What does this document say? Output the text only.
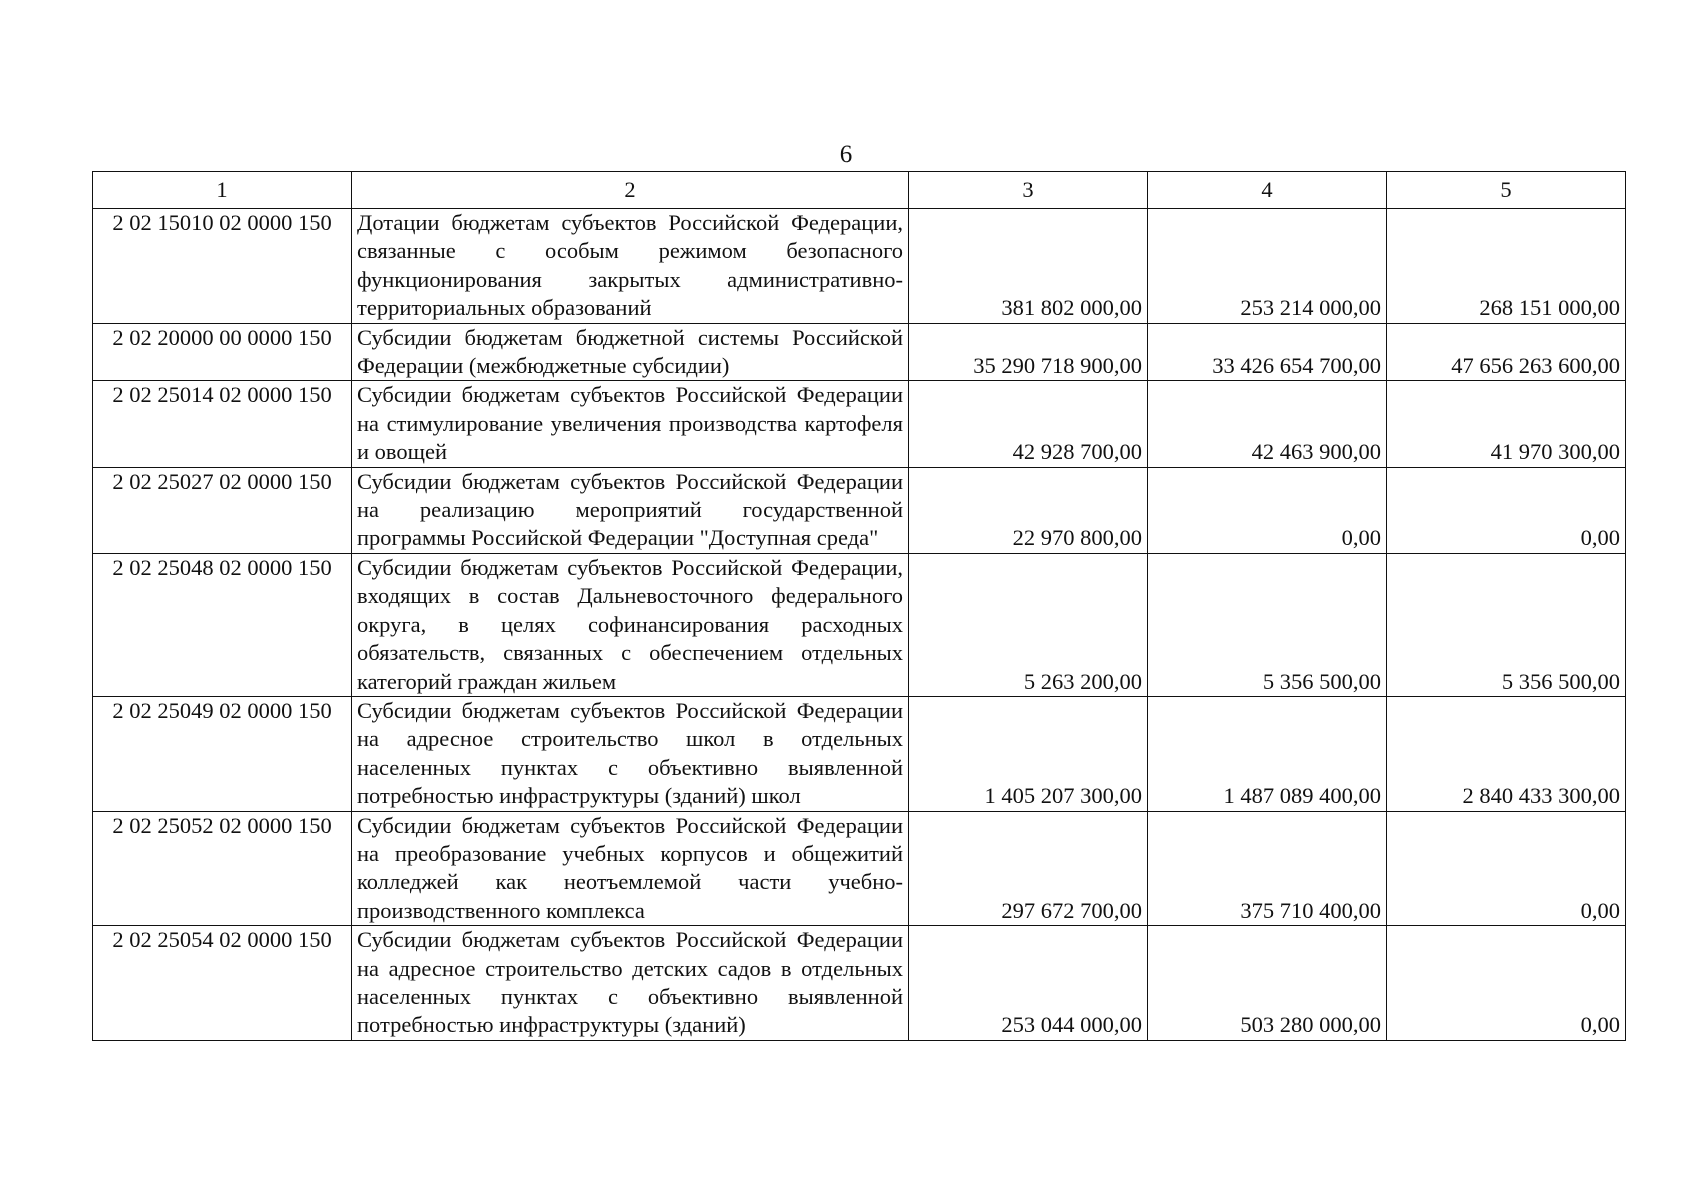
6
1	2	3	4	5
2 02 15010 02 0000 150	Дотации бюджетам субъектов Российской Федерации, связанные с особым режимом безопасного функционирования закрытых административно-территориальных образований	381 802 000,00	253 214 000,00	268 151 000,00
2 02 20000 00 0000 150	Субсидии бюджетам бюджетной системы Российской Федерации (межбюджетные субсидии)	35 290 718 900,00	33 426 654 700,00	47 656 263 600,00
2 02 25014 02 0000 150	Субсидии бюджетам субъектов Российской Федерации на стимулирование увеличения производства картофеля и овощей	42 928 700,00	42 463 900,00	41 970 300,00
2 02 25027 02 0000 150	Субсидии бюджетам субъектов Российской Федерации на реализацию мероприятий государственной программы Российской Федерации "Доступная среда"	22 970 800,00	0,00	0,00
2 02 25048 02 0000 150	Субсидии бюджетам субъектов Российской Федерации, входящих в состав Дальневосточного федерального округа, в целях софинансирования расходных обязательств, связанных с обеспечением отдельных категорий граждан жильем	5 263 200,00	5 356 500,00	5 356 500,00
2 02 25049 02 0000 150	Субсидии бюджетам субъектов Российской Федерации на адресное строительство школ в отдельных населенных пунктах с объективно выявленной потребностью инфраструктуры (зданий) школ	1 405 207 300,00	1 487 089 400,00	2 840 433 300,00
2 02 25052 02 0000 150	Субсидии бюджетам субъектов Российской Федерации на преобразование учебных корпусов и общежитий колледжей как неотъемлемой части учебно-производственного комплекса	297 672 700,00	375 710 400,00	0,00
2 02 25054 02 0000 150	Субсидии бюджетам субъектов Российской Федерации на адресное строительство детских садов в отдельных населенных пунктах с объективно выявленной потребностью инфраструктуры (зданий)	253 044 000,00	503 280 000,00	0,00
